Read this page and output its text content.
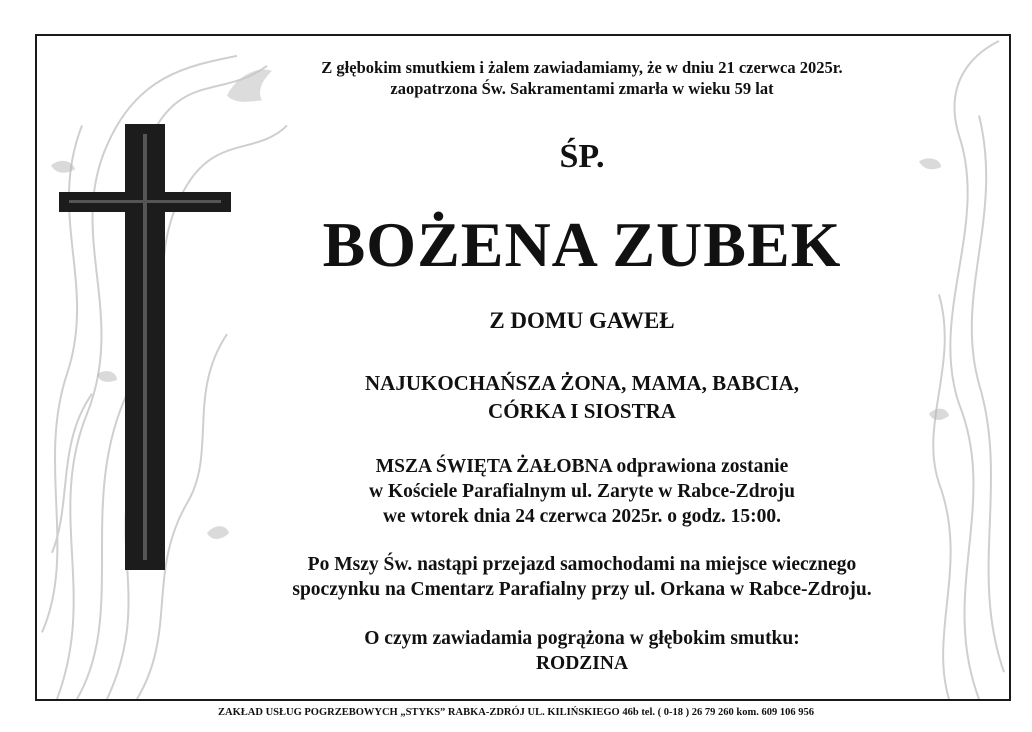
Z głębokim smutkiem i żalem zawiadamiamy, że w dniu 21 czerwca 2025r.
zaopatrzona Św. Sakramentami zmarła w wieku 59 lat
ŚP.
BOŻENA ZUBEK
Z DOMU GAWEŁ
NAJUKOCHAŃSZA ŻONA, MAMA, BABCIA,
CÓRKA I SIOSTRA
MSZA ŚWIĘTA ŻAŁOBNA odprawiona zostanie
w Kościele Parafialnym ul. Zaryte w Rabce-Zdroju
we wtorek dnia 24 czerwca 2025r. o godz. 15:00.
Po Mszy Św. nastąpi przejazd samochodami na miejsce wiecznego
spoczynku na Cmentarz Parafialny przy ul. Orkana w Rabce-Zdroju.
O czym zawiadamia pogrążona w głębokim smutku:
RODZINA
ZAKŁAD USŁUG POGRZEBOWYCH „STYKS” RABKA-ZDRÓJ UL. KILIŃSKIEGO 46b tel. ( 0-18 ) 26 79 260 kom. 609 106 956
